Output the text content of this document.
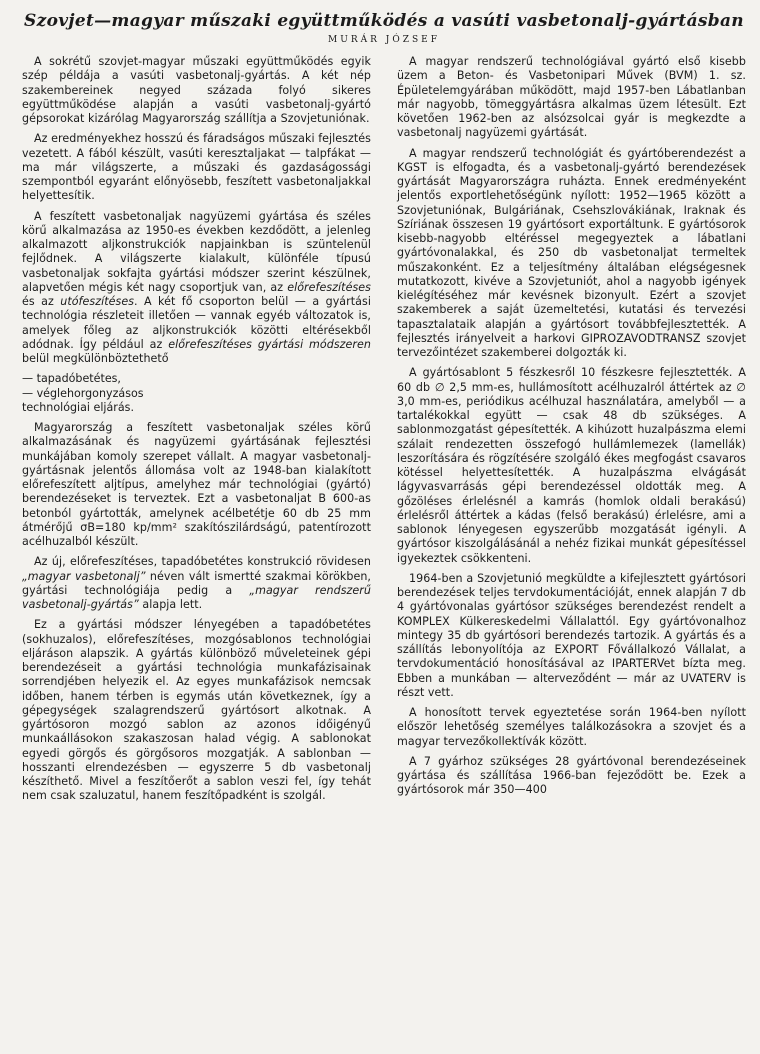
Szovjet—magyar műszaki együttműködés a vasúti vasbetonalj-gyártásban
MURÁR JÓZSEF

A sokrétű szovjet-magyar műszaki együttműködés egyik szép példája a vasúti vasbetonalj-gyártás. A két nép szakembereinek negyed százada folyó sikeres együttműködése alapján a vasúti vasbetonalj-gyártó gépsorokat kizárólag Magyarország szállítja a Szovjetuniónak.

Az eredményekhez hosszú és fáradságos műszaki fejlesztés vezetett. A fából készült, vasúti keresztaljakat — talpfákat — ma már világszerte, a műszaki és gazdaságossági szempontból egyaránt előnyösebb, feszített vasbetonaljakkal helyettesítik.

A feszített vasbetonaljak nagyüzemi gyártása és széles körű alkalmazása az 1950-es években kezdődött, a jelenleg alkalmazott aljkonstrukciók napjainkban is szüntelenül fejlődnek. A világszerte kialakult, különféle típusú vasbetonaljak sokfajta gyártási módszer szerint készülnek, alapvetően mégis két nagy csoportjuk van, az előrefeszítéses és az utófeszítéses. A két fő csoporton belül — a gyártási technológia részleteit illetően — vannak egyéb változatok is, amelyek főleg az aljkonstrukciók közötti eltérésekből adódnak. Így például az előrefeszítéses gyártási módszeren belül megkülönböztethető

— tapadóbetétes,
— véglehorgonyzásos
technológiai eljárás.

Magyarország a feszített vasbetonaljak széles körű alkalmazásának és nagyüzemi gyártásának fejlesztési munkájában komoly szerepet vállalt. A magyar vasbetonalj-gyártásnak jelentős állomása volt az 1948-ban kialakított előrefeszített aljtípus, amelyhez már technológiai (gyártó) berendezéseket is terveztek. Ezt a vasbetonaljat B 600-as betonból gyártották, amelynek acélbetétje 60 db 25 mm átmérőjű σB=180 kp/mm² szakítószilárdságú, patentírozott acélhuzalból készült.

Az új, előrefeszítéses, tapadóbetétes konstrukció rövidesen „magyar vasbetonalj” néven vált ismertté szakmai körökben, gyártási technológiája pedig a „magyar rendszerű vasbetonalj-gyártás” alapja lett.

Ez a gyártási módszer lényegében a tapadóbetétes (sokhuzalos), előrefeszítéses, mozgósablonos technológiai eljáráson alapszik. A gyártás különböző műveleteinek gépi berendezéseit a gyártási technológia munkafázisainak sorrendjében helyezik el. Az egyes munkafázisok nemcsak időben, hanem térben is egymás után következnek, így a gépegységek szalagrendszerű gyártósort alkotnak. A gyártósoron mozgó sablon az azonos időigényű munkaállásokon szakaszosan halad végig. A sablonokat egyedi görgős és görgősoros mozgatják. A sablonban — hosszanti elrendezésben — egyszerre 5 db vasbetonalj készíthető. Mivel a feszítőerőt a sablon veszi fel, így tehát nem csak szaluzatul, hanem feszítőpadként is szolgál.

A magyar rendszerű technológiával gyártó első kisebb üzem a Beton- és Vasbetonipari Művek (BVM) 1. sz. Épületelemgyárában működött, majd 1957-ben Lábatlanban már nagyobb, tömeggyártásra alkalmas üzem létesült. Ezt követően 1962-ben az alsózsolcai gyár is megkezdte a vasbetonalj nagyüzemi gyártását.

A magyar rendszerű technológiát és gyártóberendezést a KGST is elfogadta, és a vasbetonalj-gyártó berendezések gyártását Magyarországra ruházta. Ennek eredményeként jelentős exportlehetőségünk nyílott: 1952—1965 között a Szovjetuniónak, Bulgáriának, Csehszlovákiának, Iraknak és Szíriának összesen 19 gyártósort exportáltunk. E gyártósorok kisebb-nagyobb eltéréssel megegyeztek a lábatlani gyártóvonalakkal, és 250 db vasbetonaljat termeltek műszakonként. Ez a teljesítmény általában elégségesnek mutatkozott, kivéve a Szovjetuniót, ahol a nagyobb igények kielégítéséhez már kevésnek bizonyult. Ezért a szovjet szakemberek a saját üzemeltetési, kutatási és tervezési tapasztalataik alapján a gyártósort továbbfejlesztették. A fejlesztés irányelveit a harkovi GIPROZAVODTRANSZ szovjet tervezőintézet szakemberei dolgozták ki.

A gyártósablont 5 fészkesről 10 fészkesre fejlesztették. A 60 db ∅ 2,5 mm-es, hullámosított acélhuzalról áttértek az ∅ 3,0 mm-es, periódikus acélhuzal használatára, amelyből — a tartalékokkal együtt — csak 48 db szükséges. A sablonmozgatást gépesítették. A kihúzott huzalpászma elemi szálait rendezetten összefogó hullámlemezek (lamellák) leszorítására és rögzítésére szolgáló ékes megfogást csavaros kötéssel helyettesítették. A huzalpászma elvágását lágyvasvarrásás gépi berendezéssel oldották meg. A gőzöléses érlelésnél a kamrás (homlok oldali berakású) érlelésről áttértek a kádas (felső berakású) érlelésre, ami a sablonok lényegesen egyszerűbb mozgatását igényli. A gyártósor kiszolgálásánál a nehéz fizikai munkát gépesítéssel igyekeztek csökkenteni.

1964-ben a Szovjetunió megküldte a kifejlesztett gyártósori berendezések teljes tervdokumentációját, ennek alapján 7 db 4 gyártóvonalas gyártósor szükséges berendezést rendelt a KOMPLEX Külkereskedelmi Vállalattól. Egy gyártóvonalhoz mintegy 35 db gyártósori berendezés tartozik. A gyártás és a szállítás lebonyolítója az EXPORT Fővállalkozó Vállalat, a tervdokumentáció honosításával az IPARTERVet bízta meg. Ebben a munkában — alterveződént — már az UVATERV is részt vett.

A honosított tervek egyeztetése során 1964-ben nyílott először lehetőség személyes találkozásokra a szovjet és a magyar tervezőkollektívák között.

A 7 gyárhoz szükséges 28 gyártóvonal berendezéseinek gyártása és szállítása 1966-ban fejeződött be. Ezek a gyártósorok már 350—400
